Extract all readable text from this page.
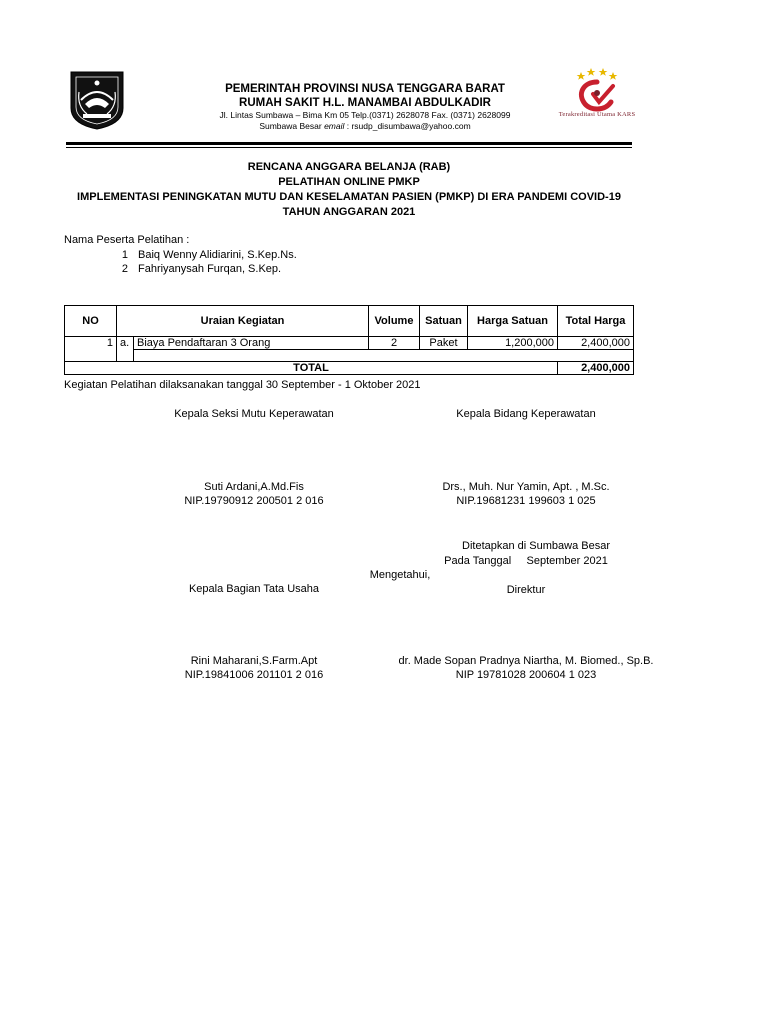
PEMERINTAH PROVINSI NUSA TENGGARA BARAT
RUMAH SAKIT H.L. MANAMBAI ABDULKADIR
Jl. Lintas Sumbawa – Bima Km 05 Telp.(0371) 2628078 Fax. (0371) 2628099
Sumbawa Besar email : rsudp_disumbawa@yahoo.com
Terakreditasi Utama KARS
RENCANA ANGGARA BELANJA (RAB)
PELATIHAN ONLINE PMKP
IMPLEMENTASI PENINGKATAN MUTU DAN KESELAMATAN PASIEN (PMKP) DI ERA PANDEMI COVID-19
TAHUN ANGGARAN 2021
Nama Peserta Pelatihan :
1 Baiq Wenny Alidiarini, S.Kep.Ns.
2 Fahriyanysah Furqan, S.Kep.
NO	Uraian Kegiatan		Volume	Satuan	Harga Satuan	Total Harga
1	a.	Biaya Pendaftaran 3 Orang	2	Paket	1,200,000	2,400,000

TOTAL						2,400,000
Kegiatan Pelatihan dilaksanakan tanggal 30 September - 1 Oktober 2021
Kepala Seksi Mutu Keperawatan	Kepala Bidang Keperawatan
Suti Ardani,A.Md.Fis
NIP.19790912 200501 2 016
Drs., Muh. Nur Yamin, Apt. , M.Sc.
NIP.19681231 199603 1 025
Ditetapkan di Sumbawa Besar
Pada Tanggal     September 2021
Mengetahui,
Kepala Bagian Tata Usaha	Direktur
Rini Maharani,S.Farm.Apt
NIP.19841006 201101 2 016
dr. Made Sopan Pradnya Niartha, M. Biomed., Sp.B.
NIP 19781028 200604 1 023
